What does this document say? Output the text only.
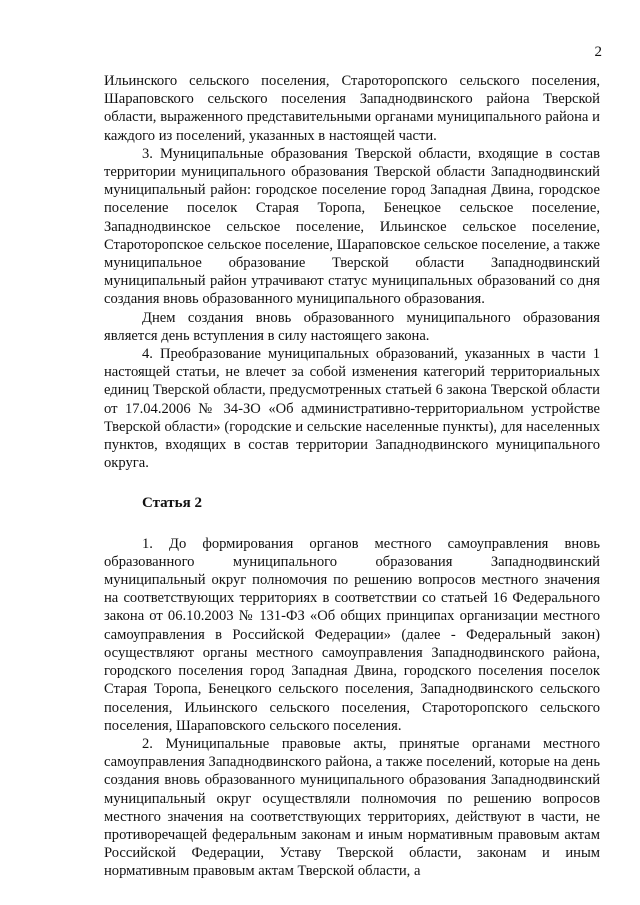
2

Ильинского сельского поселения, Старотoропского сельского поселения, Шараповского сельского поселения Западнодвинского района Тверской области, выраженного представительными органами муниципального района и каждого из поселений, указанных в настоящей части.

3. Муниципальные образования Тверской области, входящие в состав территории муниципального образования Тверской области Западнодвинский муниципальный район: городское поселение город Западная Двина, городское поселение поселок Старая Торопа, Бенецкое сельское поселение, Западнодвинское сельское поселение, Ильинское сельское поселение, Староторопское сельское поселение, Шараповское сельское поселение, а также муниципальное образование Тверской области Западнодвинский муниципальный район утрачивают статус муниципальных образований со дня создания вновь образованного муниципального образования.

Днем создания вновь образованного муниципального образования является день вступления в силу настоящего закона.

4. Преобразование муниципальных образований, указанных в части 1 настоящей статьи, не влечет за собой изменения категорий территориальных единиц Тверской области, предусмотренных статьей 6 закона Тверской области от 17.04.2006 № 34-ЗО «Об административно-территориальном устройстве Тверской области» (городские и сельские населенные пункты), для населенных пунктов, входящих в состав территории Западнодвинского муниципального округа.

Статья 2

1. До формирования органов местного самоуправления вновь образованного муниципального образования Западнодвинский муниципальный округ полномочия по решению вопросов местного значения на соответствующих территориях в соответствии со статьей 16 Федерального закона от 06.10.2003 № 131-ФЗ «Об общих принципах организации местного самоуправления в Российской Федерации» (далее - Федеральный закон) осуществляют органы местного самоуправления Западнодвинского района, городского поселения город Западная Двина, городского поселения поселок Старая Торопа, Бенецкого сельского поселения, Западнодвинского сельского поселения, Ильинского сельского поселения, Староторопского сельского поселения, Шараповского сельского поселения.

2. Муниципальные правовые акты, принятые органами местного самоуправления Западнодвинского района, а также поселений, которые на день создания вновь образованного муниципального образования Западнодвинский муниципальный округ осуществляли полномочия по решению вопросов местного значения на соответствующих территориях, действуют в части, не противоречащей федеральным законам и иным нормативным правовым актам Российской Федерации, Уставу Тверской области, законам и иным нормативным правовым актам Тверской области, а
